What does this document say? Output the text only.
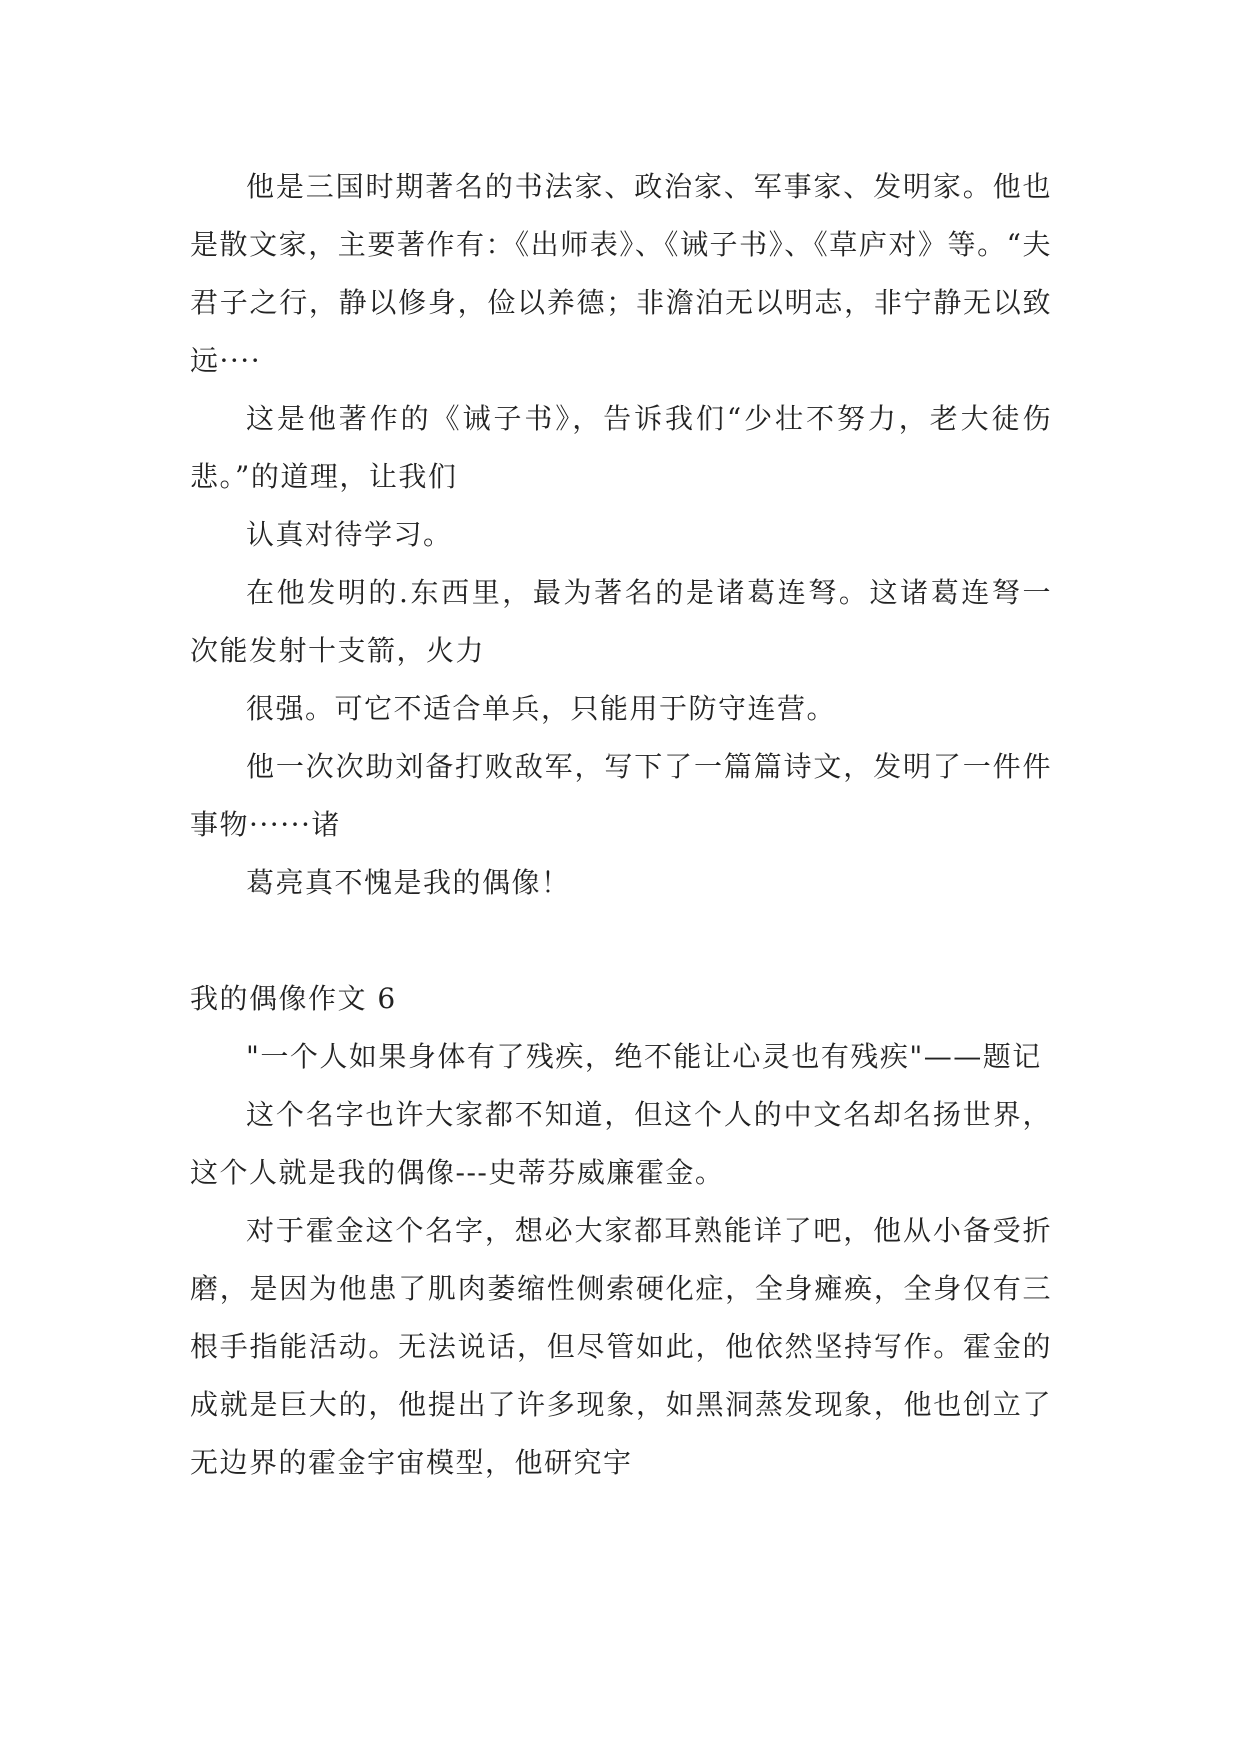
他是三国时期著名的书法家、政治家、军事家、发明家。他也是散文家，主要著作有：《出师表》、《诫子书》、《草庐对》等。“夫君子之行，静以修身，俭以养德；非澹泊无以明志，非宁静无以致远····

这是他著作的《诫子书》，告诉我们“少壮不努力，老大徒伤悲。”的道理，让我们

认真对待学习。

在他发明的.东西里，最为著名的是诸葛连弩。这诸葛连弩一次能发射十支箭，火力

很强。可它不适合单兵，只能用于防守连营。

他一次次助刘备打败敌军，写下了一篇篇诗文，发明了一件件事物······诸

葛亮真不愧是我的偶像！

我的偶像作文 6

"一个人如果身体有了残疾，绝不能让心灵也有残疾"——题记

这个名字也许大家都不知道，但这个人的中文名却名扬世界，这个人就是我的偶像---史蒂芬威廉霍金。

对于霍金这个名字，想必大家都耳熟能详了吧，他从小备受折磨，是因为他患了肌肉萎缩性侧索硬化症，全身瘫痪，全身仅有三根手指能活动。无法说话，但尽管如此，他依然坚持写作。霍金的成就是巨大的，他提出了许多现象，如黑洞蒸发现象，他也创立了无边界的霍金宇宙模型，他研究宇
